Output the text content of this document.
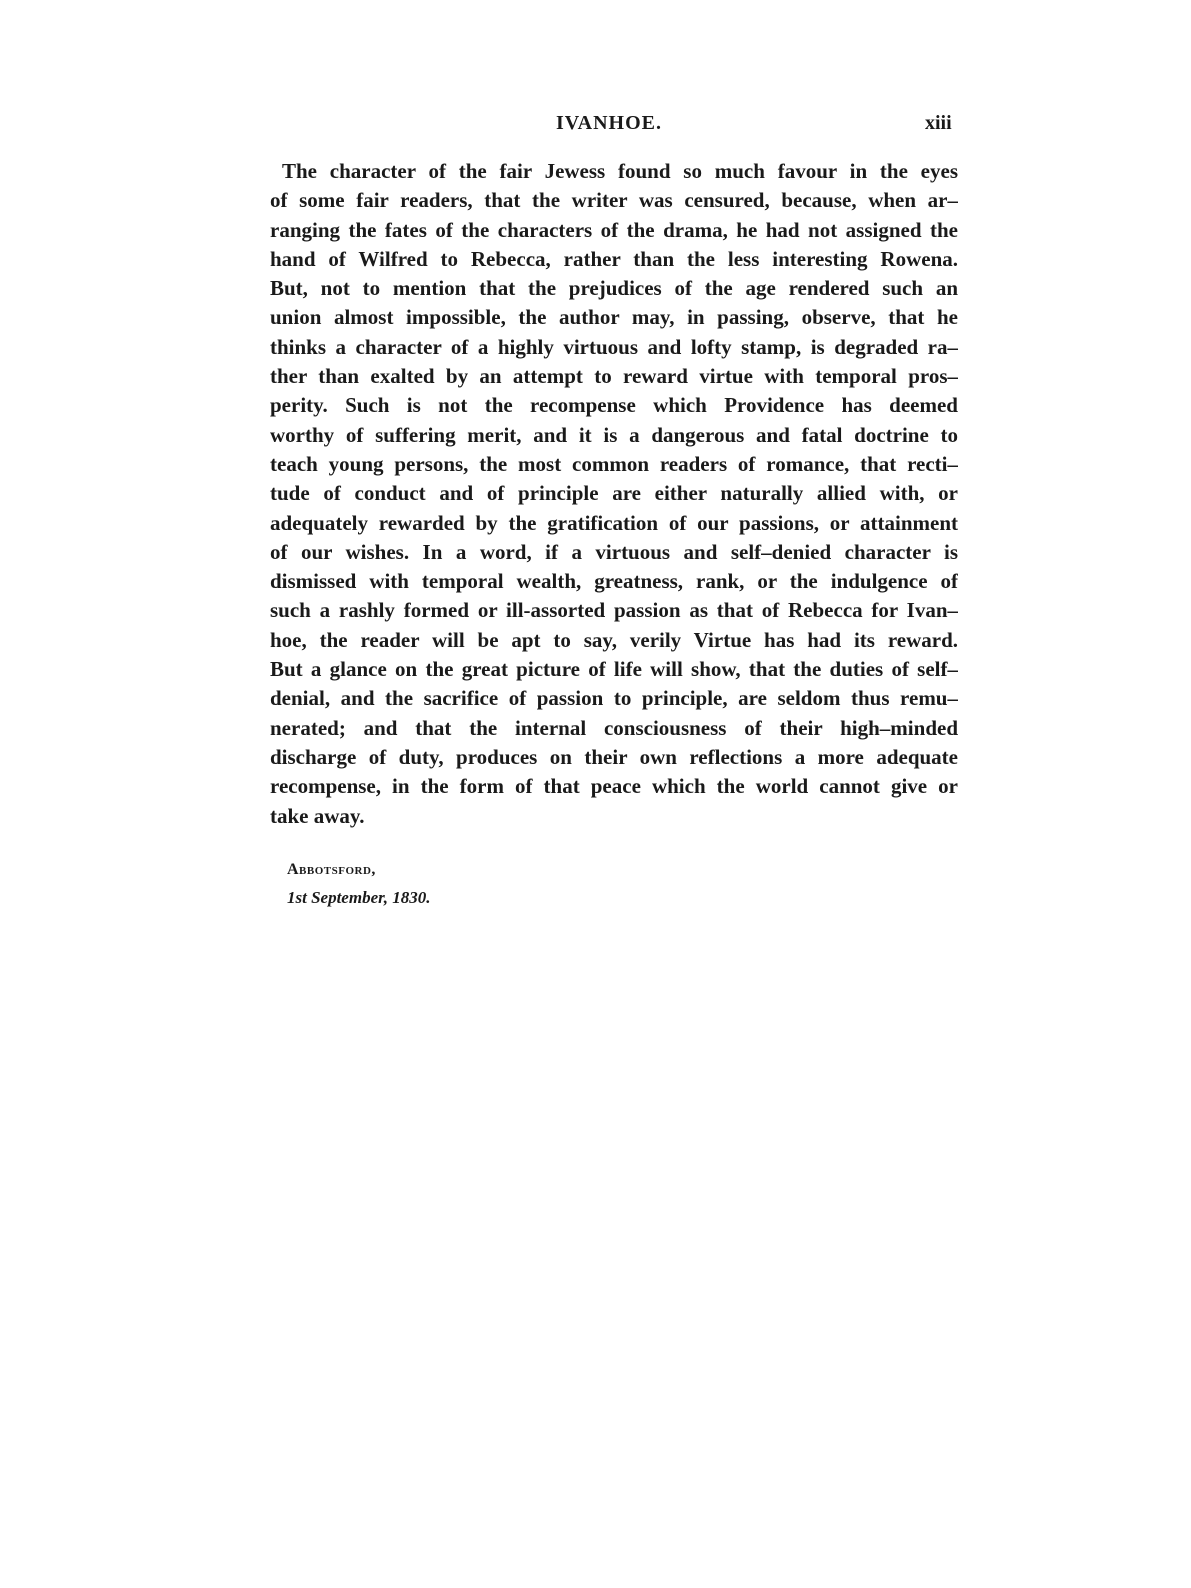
IVANHOE.	xiii
The character of the fair Jewess found so much favour in the eyes
of some fair readers, that the writer was censured, because, when ar–
ranging the fates of the characters of the drama, he had not assigned the
hand of Wilfred to Rebecca, rather than the less interesting Rowena.
But, not to mention that the prejudices of the age rendered such an
union almost impossible, the author may, in passing, observe, that he
thinks a character of a highly virtuous and lofty stamp, is degraded ra–
ther than exalted by an attempt to reward virtue with temporal pros–
perity. Such is not the recompense which Providence has deemed
worthy of suffering merit, and it is a dangerous and fatal doctrine to
teach young persons, the most common readers of romance, that recti–
tude of conduct and of principle are either naturally allied with, or
adequately rewarded by the gratification of our passions, or attainment
of our wishes. In a word, if a virtuous and self–denied character is
dismissed with temporal wealth, greatness, rank, or the indulgence of
such a rashly formed or ill-assorted passion as that of Rebecca for Ivan–
hoe, the reader will be apt to say, verily Virtue has had its reward.
But a glance on the great picture of life will show, that the duties of self–
denial, and the sacrifice of passion to principle, are seldom thus remu–
nerated; and that the internal consciousness of their high–minded
discharge of duty, produces on their own reflections a more adequate
recompense, in the form of that peace which the world cannot give or
take away.
Abbotsford,
1st September, 1830.
